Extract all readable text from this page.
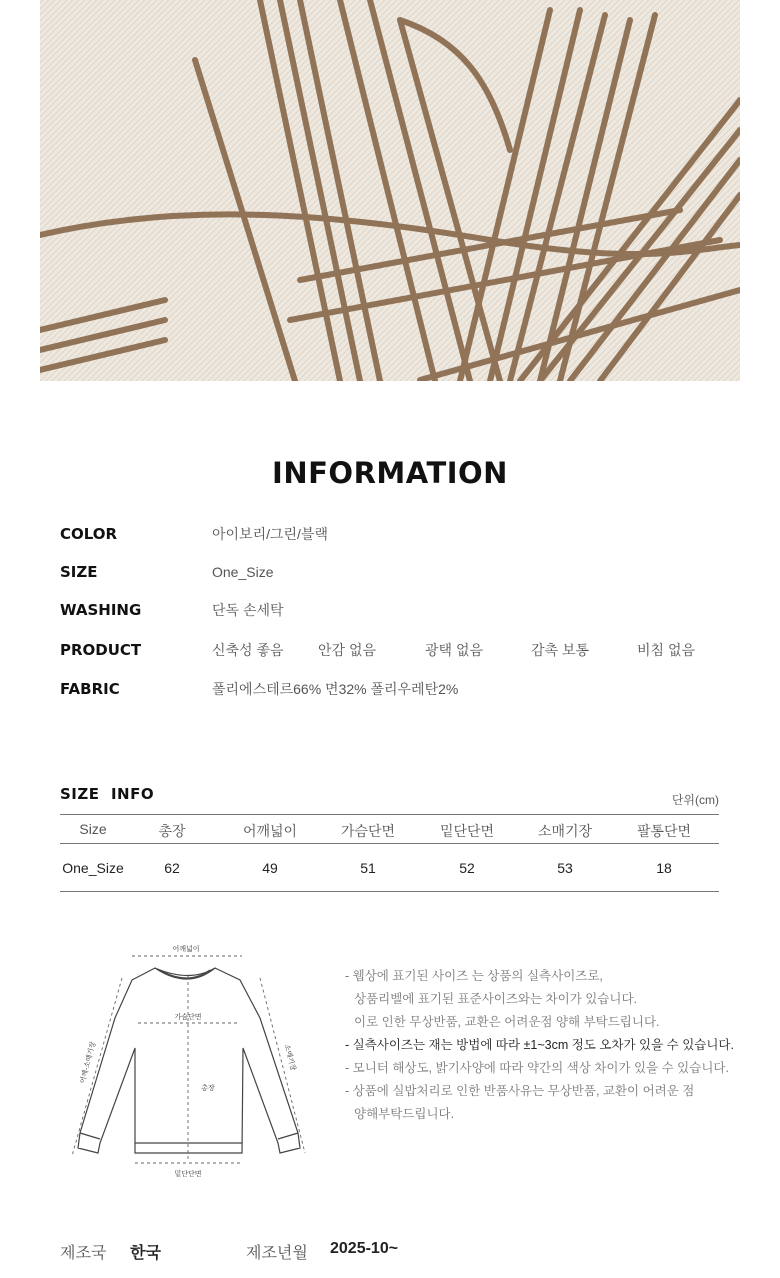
INFORMATION
COLOR	아이보리/그린/블랙
SIZE	One_Size
WASHING	단독 손세탁
PRODUCT	신축성 좋음 안감 없음	광택 없음	감촉 보통	비침 없음
FABRIC	폴리에스테르66% 면32% 폴리우레탄2%
SIZE  INFO	단위(cm)
Size	총장	어깨넓이	가슴단면	밑단단면	소매기장	팔통단면
One_Size	62	49	51	52	53	18
어깨넓이
가슴단면
총장
밑단단면
소매기장
어깨-소매기장
- 웹상에 표기된 사이즈 는 상품의 실측사이즈로,
상품리벨에 표기된 표준사이즈와는 차이가 있습니다.
이로 인한 무상반품, 교환은 어려운점 양해 부탁드립니다.
- 실측사이즈는 재는 방법에 따라 ±1~3cm 정도 오차가 있을 수 있습니다.
- 모니터 해상도, 밝기사양에 따라 약간의 색상 차이가 있을 수 있습니다.
- 상품에 실밥처리로 인한 반품사유는 무상반품, 교환이 어려운 점
양해부탁드립니다.
제조국 한국	제조년월 2025-10~
